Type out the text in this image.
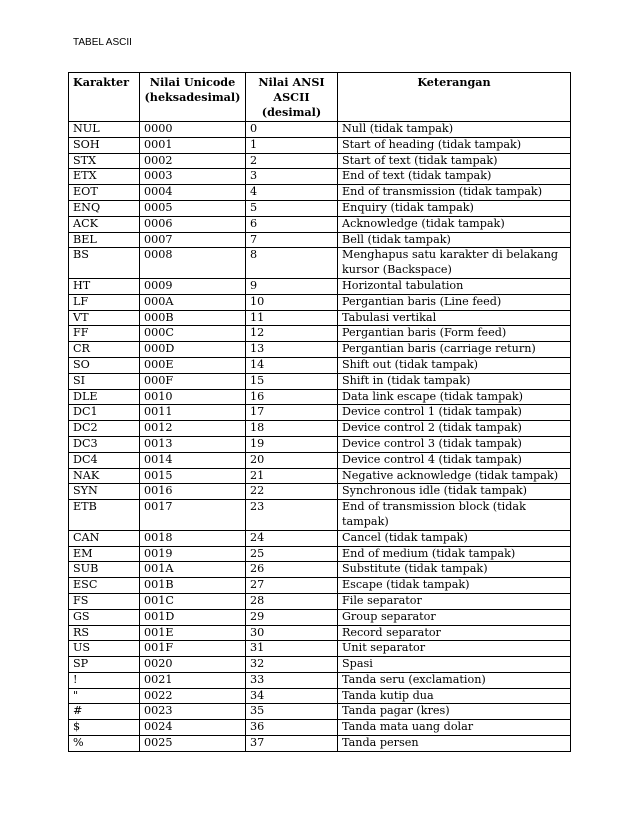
TABEL ASCII
Karakter	Nilai Unicode (heksadesimal)	Nilai ANSI ASCII (desimal)	Keterangan
NUL	0000	0	Null (tidak tampak)
SOH	0001	1	Start of heading (tidak tampak)
STX	0002	2	Start of text (tidak tampak)
ETX	0003	3	End of text (tidak tampak)
EOT	0004	4	End of transmission (tidak tampak)
ENQ	0005	5	Enquiry (tidak tampak)
ACK	0006	6	Acknowledge (tidak tampak)
BEL	0007	7	Bell (tidak tampak)
BS	0008	8	Menghapus satu karakter di belakang kursor (Backspace)
HT	0009	9	Horizontal tabulation
LF	000A	10	Pergantian baris (Line feed)
VT	000B	11	Tabulasi vertikal
FF	000C	12	Pergantian baris (Form feed)
CR	000D	13	Pergantian baris (carriage return)
SO	000E	14	Shift out (tidak tampak)
SI	000F	15	Shift in (tidak tampak)
DLE	0010	16	Data link escape (tidak tampak)
DC1	0011	17	Device control 1 (tidak tampak)
DC2	0012	18	Device control 2 (tidak tampak)
DC3	0013	19	Device control 3 (tidak tampak)
DC4	0014	20	Device control 4 (tidak tampak)
NAK	0015	21	Negative acknowledge (tidak tampak)
SYN	0016	22	Synchronous idle (tidak tampak)
ETB	0017	23	End of transmission block (tidak tampak)
CAN	0018	24	Cancel (tidak tampak)
EM	0019	25	End of medium (tidak tampak)
SUB	001A	26	Substitute (tidak tampak)
ESC	001B	27	Escape (tidak tampak)
FS	001C	28	File separator
GS	001D	29	Group separator
RS	001E	30	Record separator
US	001F	31	Unit separator
SP	0020	32	Spasi
!	0021	33	Tanda seru (exclamation)
"	0022	34	Tanda kutip dua
#	0023	35	Tanda pagar (kres)
$	0024	36	Tanda mata uang dolar
%	0025	37	Tanda persen
